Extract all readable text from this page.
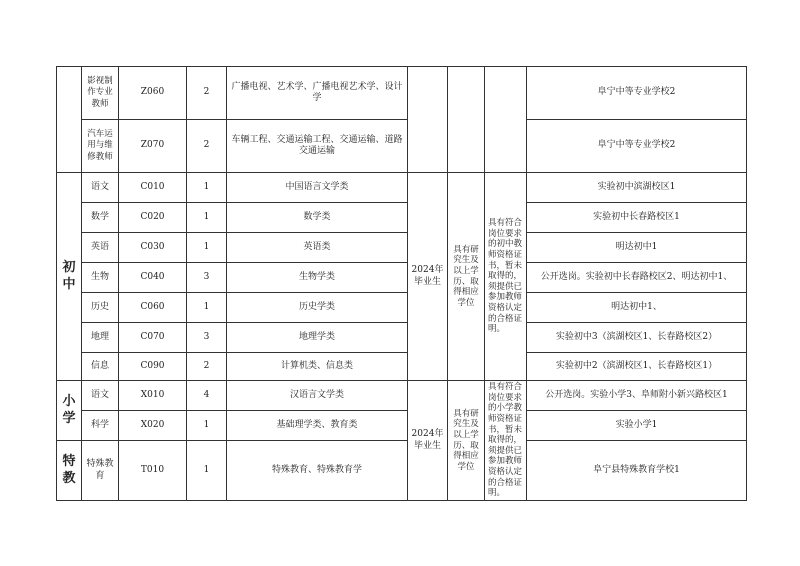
	影视制作专业教师	Z060	2	广播电视、艺术学、广播电视艺术学、设计学				阜宁中等专业学校2
	汽车运用与维修教师	Z070	2	车辆工程、交通运输工程、交通运输、道路交通运输				阜宁中等专业学校2
初中	语文	C010	1	中国语言文学类	2024年毕业生	具有研究生及以上学历、取得相应学位	具有符合岗位要求的初中教师资格证书，暂未取得的，须提供已参加教师资格认定的合格证明。	实验初中滨湖校区1
	数学	C020	1	数学类				实验初中长春路校区1
	英语	C030	1	英语类				明达初中1
	生物	C040	3	生物学类				公开选岗。实验初中长春路校区2、明达初中1、
	历史	C060	1	历史学类				明达初中1、
	地理	C070	3	地理学类				实验初中3（滨湖校区1、长春路校区2）
	信息	C090	2	计算机类、信息类				实验初中2（滨湖校区1、长春路校区1）
小学	语文	X010	4	汉语言文学类	2024年毕业生	具有研究生及以上学历、取得相应学位	具有符合岗位要求的小学教师资格证书，暂未取得的，须提供已参加教师资格认定的合格证明。	公开选岗。实验小学3、阜师附小新兴路校区1
	科学	X020	1	基础理学类、教育类				实验小学1
特教	特殊教育	T010	1	特殊教育、特殊教育学				阜宁县特殊教育学校1
